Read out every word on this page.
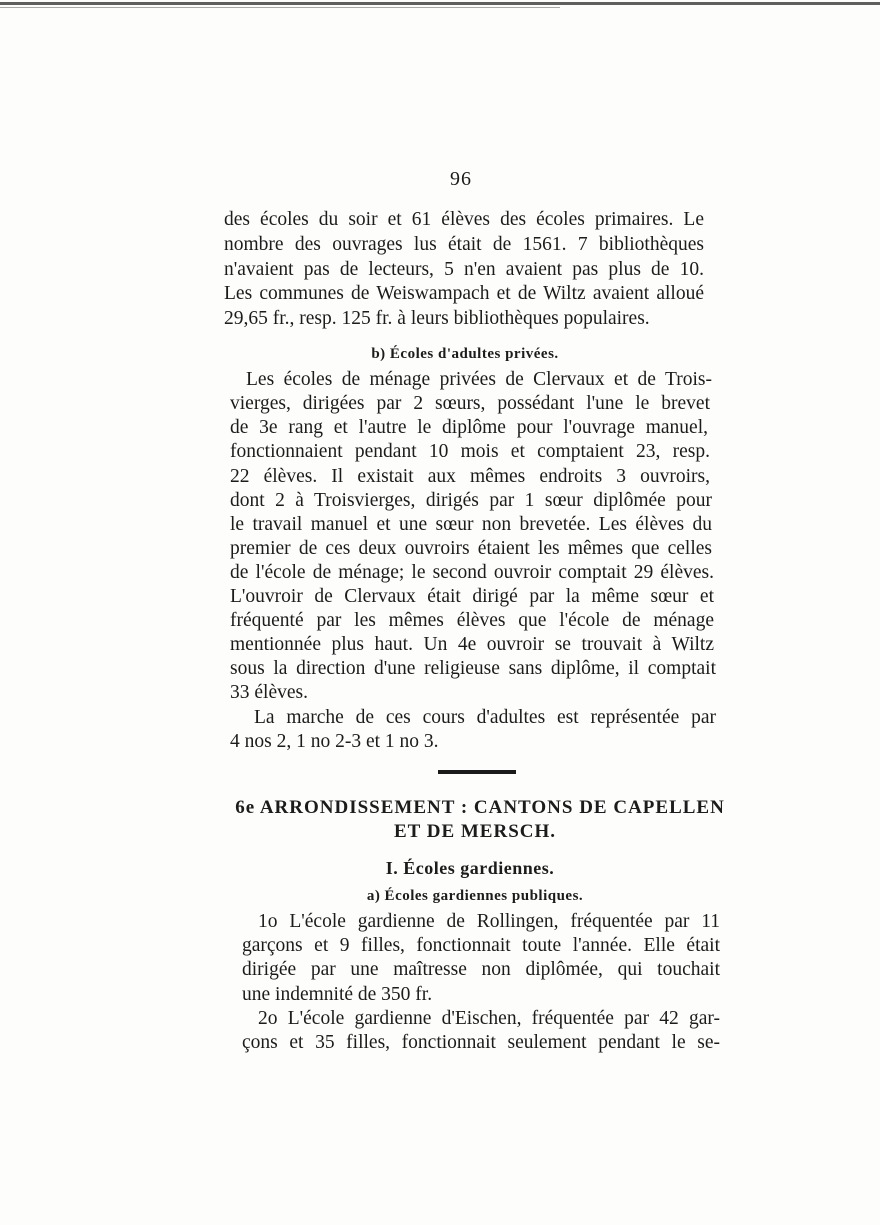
96
des écoles du soir et 61 élèves des écoles primaires. Le
nombre des ouvrages lus était de 1561. 7 bibliothèques
n'avaient pas de lecteurs, 5 n'en avaient pas plus de 10.
Les communes de Weiswampach et de Wiltz avaient alloué
29,65 fr., resp. 125 fr. à leurs bibliothèques populaires.
b) Écoles d'adultes privées.
Les écoles de ménage privées de Clervaux et de Trois-
vierges, dirigées par 2 sœurs, possédant l'une le brevet
de 3e rang et l'autre le diplôme pour l'ouvrage manuel,
fonctionnaient pendant 10 mois et comptaient 23, resp.
22 élèves. Il existait aux mêmes endroits 3 ouvroirs,
dont 2 à Troisvierges, dirigés par 1 sœur diplômée pour
le travail manuel et une sœur non brevetée. Les élèves du
premier de ces deux ouvroirs étaient les mêmes que celles
de l'école de ménage; le second ouvroir comptait 29 élèves.
L'ouvroir de Clervaux était dirigé par la même sœur et
fréquenté par les mêmes élèves que l'école de ménage
mentionnée plus haut. Un 4e ouvroir se trouvait à Wiltz
sous la direction d'une religieuse sans diplôme, il comptait
33 élèves.
La marche de ces cours d'adultes est représentée par
4 nos 2, 1 no 2-3 et 1 no 3.
6e ARRONDISSEMENT : CANTONS DE CAPELLEN
ET DE MERSCH.
I. Écoles gardiennes.
a) Écoles gardiennes publiques.
1o L'école gardienne de Rollingen, fréquentée par 11
garçons et 9 filles, fonctionnait toute l'année. Elle était
dirigée par une maîtresse non diplômée, qui touchait
une indemnité de 350 fr.
2o L'école gardienne d'Eischen, fréquentée par 42 gar-
çons et 35 filles, fonctionnait seulement pendant le se-
